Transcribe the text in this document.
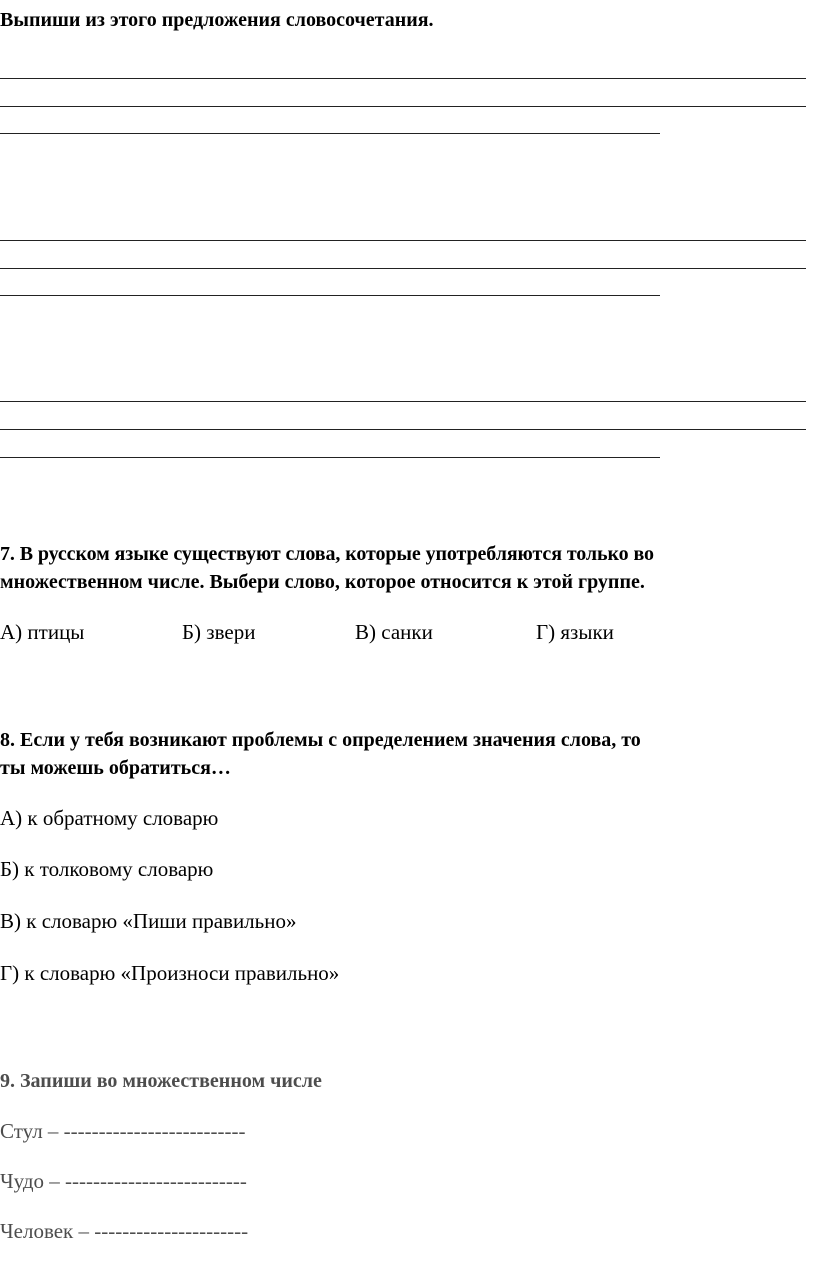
Выпиши из этого предложения словосочетания.
7. В русском языке существуют слова, которые употребляются только во
множественном числе. Выбери слово, которое относится к этой группе.
А) птицы	Б) звери	В) санки	Г) языки
8. Если у тебя возникают проблемы с определением значения слова, то
ты можешь обратиться…
А) к обратному словарю
Б) к толковому словарю
В) к словарю «Пиши правильно»
Г) к словарю «Произноси правильно»
9. Запиши во множественном числе
Стул – --------------------------
Чудо – --------------------------
Человек – ----------------------
